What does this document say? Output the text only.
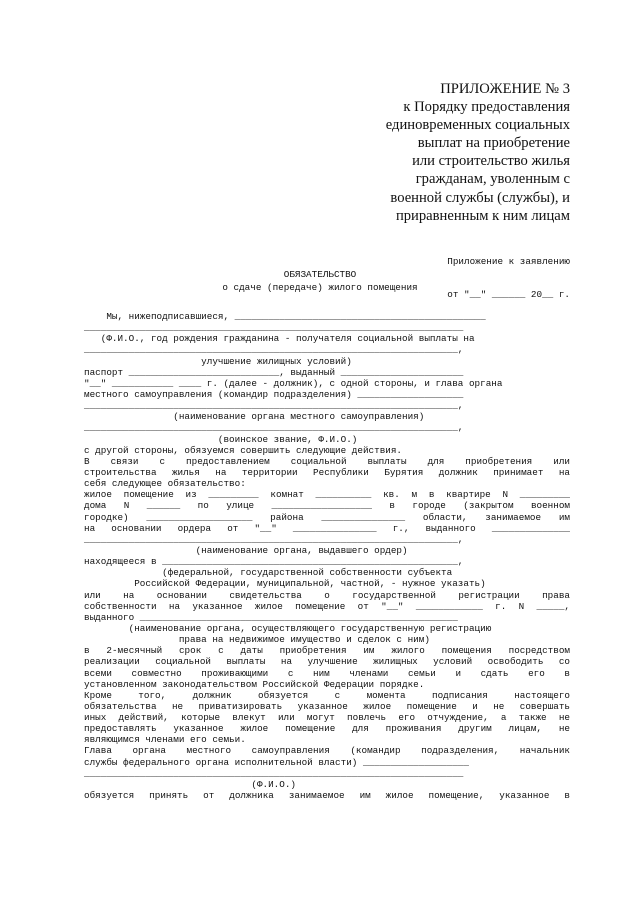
ПРИЛОЖЕНИЕ № 3
к Порядку предоставления
единовременных социальных
выплат на приобретение
или строительство жилья
гражданам, уволенным с
военной службы (службы), и
приравненным к ним лицам

Приложение к заявлению

от "__" ______ 20__ г.

ОБЯЗАТЕЛЬСТВО
о сдаче (передаче) жилого помещения
Мы, нижеподписавшиеся, _____________________________________________
____________________________________________________________________
(Ф.И.О., год рождения гражданина - получателя социальной выплаты на
___________________________________________________________________,
улучшение жилищных условий)
паспорт ___________________________, выданный ______________________
"__" ___________ ____ г. (далее - должник), с одной стороны, и глава органа
местного самоуправления (командир подразделения) ___________________
___________________________________________________________________,
(наименование органа местного самоуправления)
___________________________________________________________________,
(воинское звание, Ф.И.О.)
с другой стороны, обязуемся совершить следующие действия.
В связи с предоставлением социальной выплаты для приобретения или
строительства жилья на территории Республики Бурятия должник принимает на
себя следующее обязательство:
жилое помещение из _________ комнат __________ кв. м в квартире N _________
дома N ______ по улице __________________ в городе (закрытом военном
городке) ___________________ района _______________ области, занимаемое им
на основании ордера от "__" _______________ г., выданного ______________
___________________________________________________________________,
(наименование органа, выдавшего ордер)
находящееся в _____________________________________________________,
(федеральной, государственной собственности субъекта
Российской Федерации, муниципальной, частной, - нужное указать)
или на основании свидетельства о государственной регистрации права
собственности на указанное жилое помещение от "__" ____________ г. N _____,
выданного _________________________________________________________
(наименование органа, осуществляющего государственную регистрацию
права на недвижимое имущество и сделок с ним)
в 2-месячный срок с даты приобретения им жилого помещения посредством
реализации социальной выплаты на улучшение жилищных условий освободить со
всеми совместно проживающими с ним членами семьи и сдать его в
установленном законодательством Российской Федерации порядке.
Кроме того, должник обязуется с момента подписания настоящего
обязательства не приватизировать указанное жилое помещение и не совершать
иных действий, которые влекут или могут повлечь его отчуждение, а также не
предоставлять указанное жилое помещение для проживания другим лицам, не
являющимся членами его семьи.
Глава органа местного самоуправления (командир подразделения, начальник
службы федерального органа исполнительной власти) ___________________
____________________________________________________________________
(Ф.И.О.)
обязуется принять от должника занимаемое им жилое помещение, указанное в
